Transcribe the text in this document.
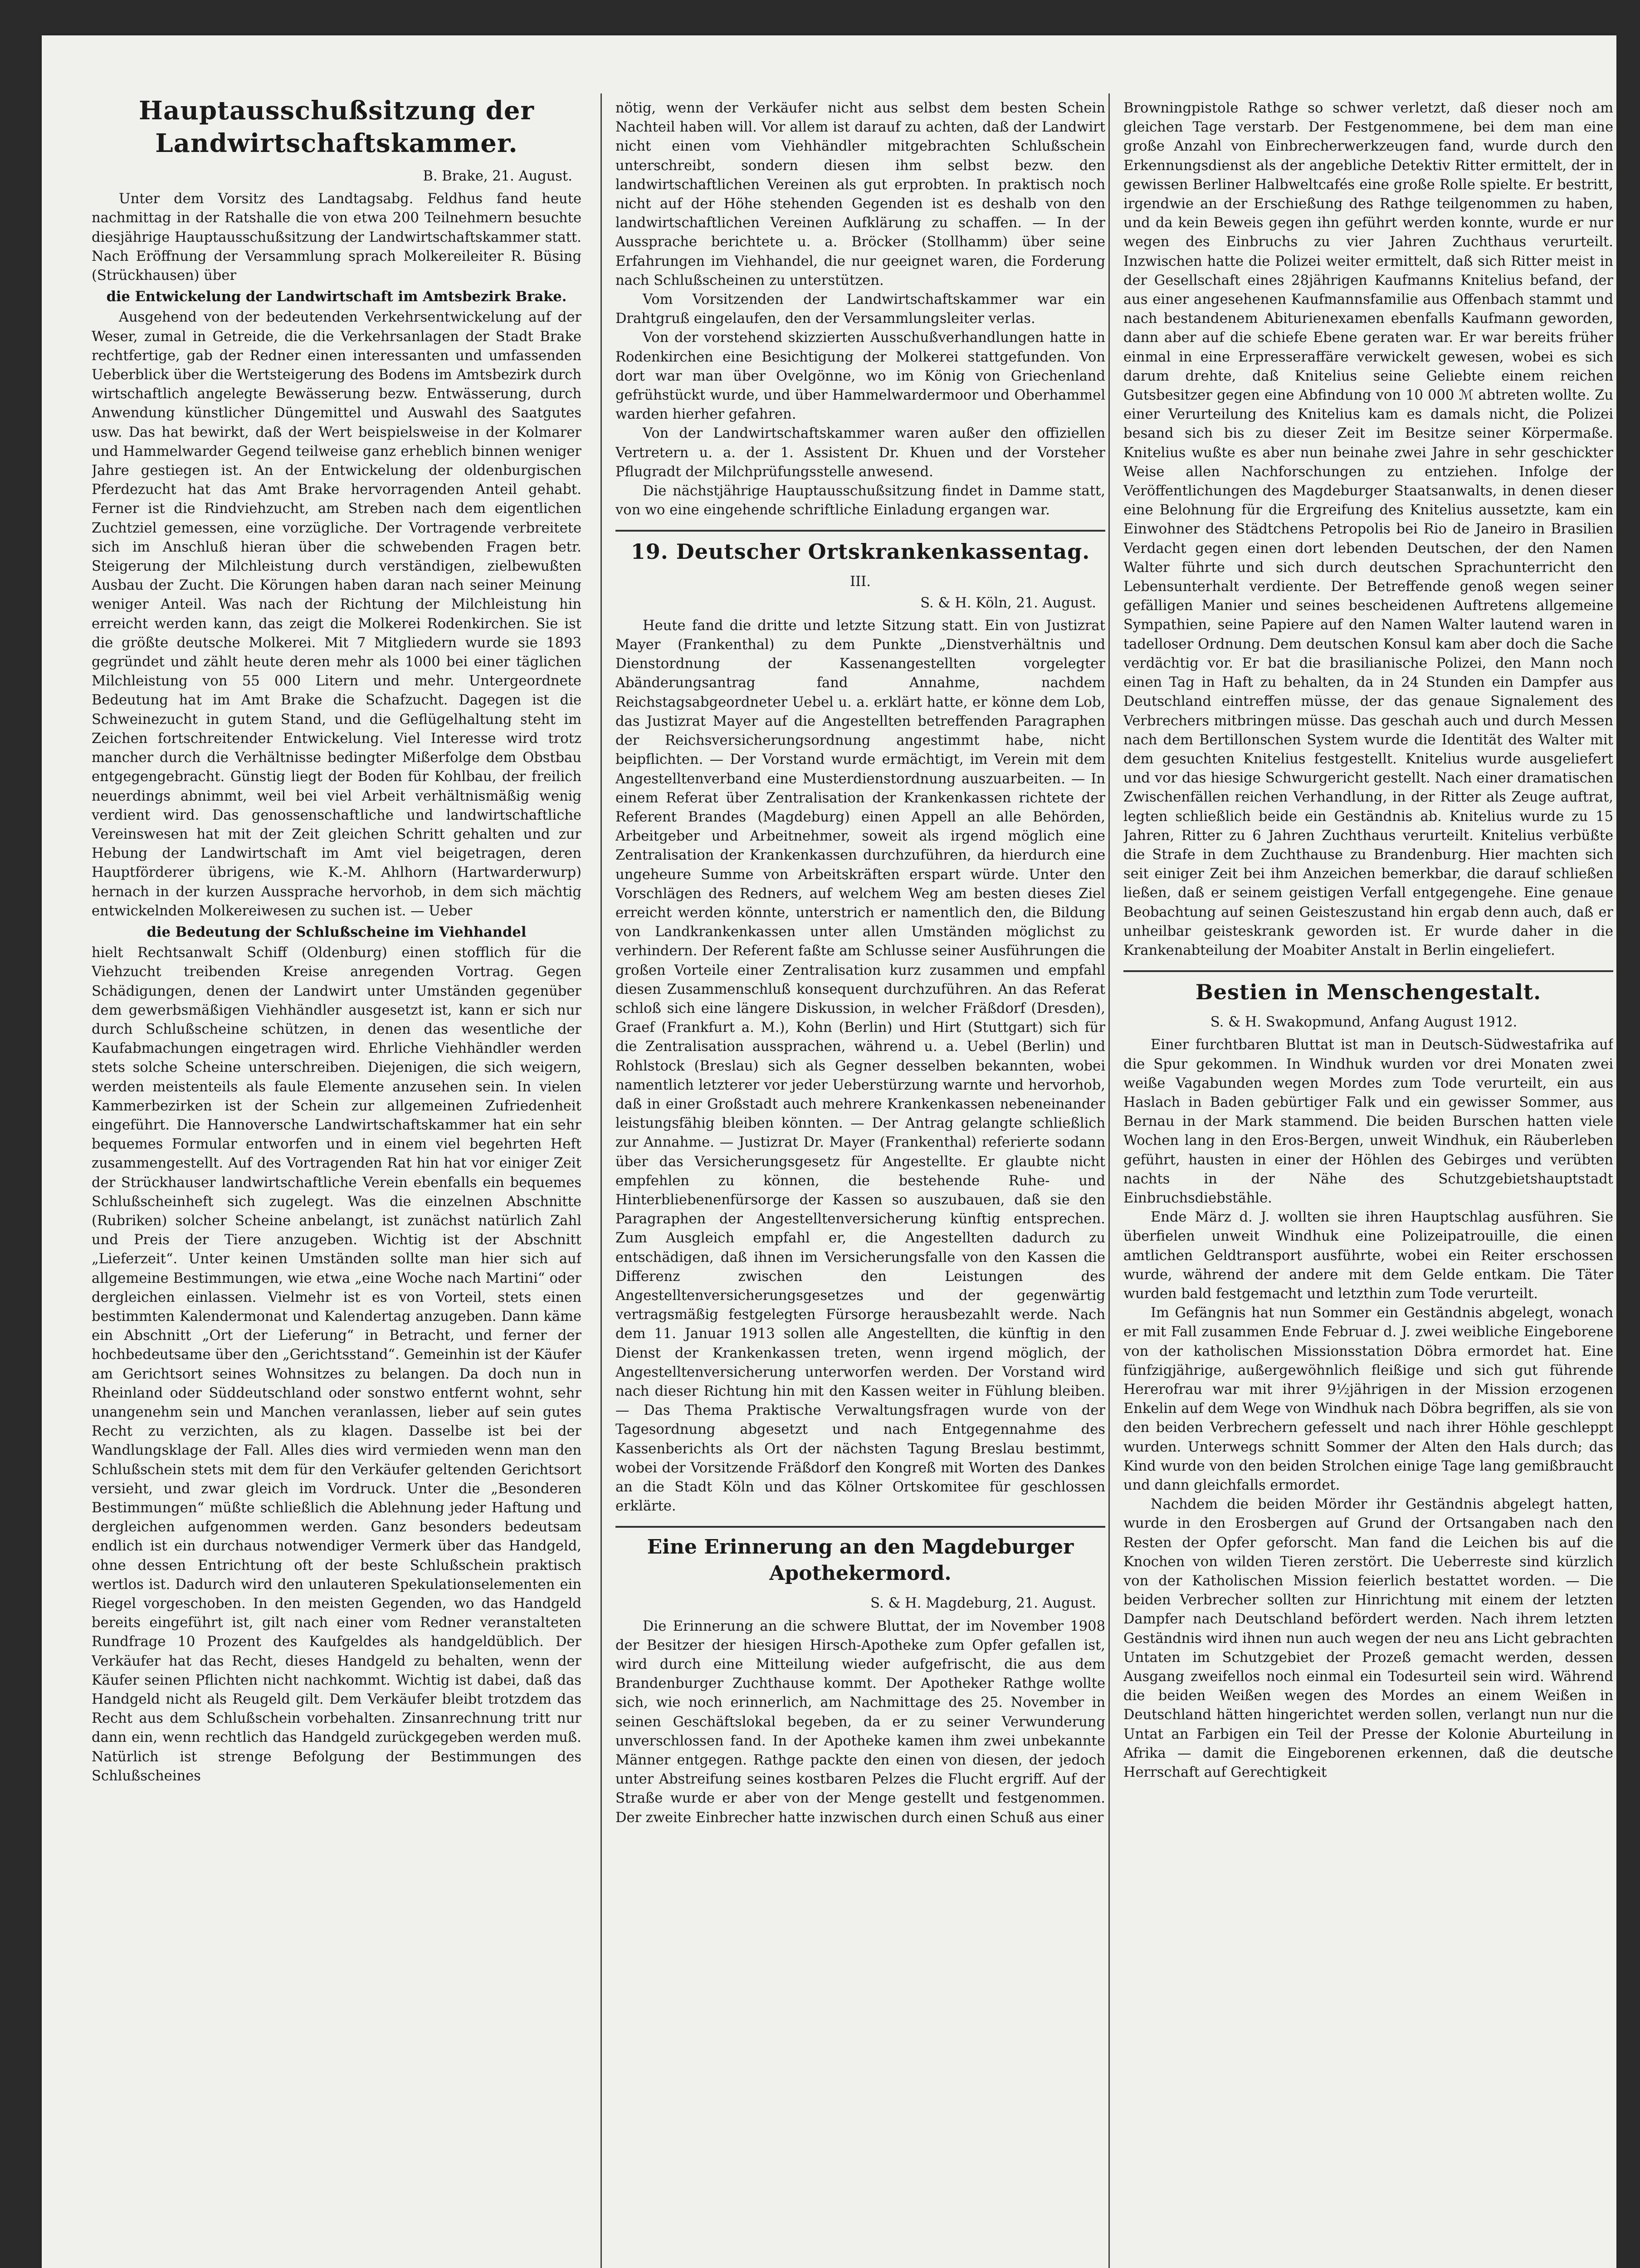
Hauptausschußsitzung der Landwirtschaftskammer.
B. Brake, 21. August.

Unter dem Vorsitz des Landtagsabg. Feldhus fand heute nachmittag in der Ratshalle die von etwa 200 Teilnehmern besuchte diesjährige Hauptausschußsitzung der Landwirtschaftskammer statt. Nach Eröffnung der Versammlung sprach Molkereileiter R. Büsing (Strückhausen) über

die Entwickelung der Landwirtschaft im Amtsbezirk Brake.

Ausgehend von der bedeutenden Verkehrsentwickelung auf der Weser, zumal in Getreide, die die Verkehrsanlagen der Stadt Brake rechtfertige, gab der Redner einen interessanten und umfassenden Ueberblick über die Wertsteigerung des Bodens im Amtsbezirk durch wirtschaftlich angelegte Bewässerung bezw. Entwässerung, durch Anwendung künstlicher Düngemittel und Auswahl des Saatgutes usw. Das hat bewirkt, daß der Wert beispielsweise in der Kolmarer und Hammelwarder Gegend teilweise ganz erheblich binnen weniger Jahre gestiegen ist. An der Entwickelung der oldenburgischen Pferdezucht hat das Amt Brake hervorragenden Anteil gehabt. Ferner ist die Rindviehzucht, am Streben nach dem eigentlichen Zuchtziel gemessen, eine vorzügliche. Der Vortragende verbreitete sich im Anschluß hieran über die schwebenden Fragen betr. Steigerung der Milchleistung durch verständigen, zielbewußten Ausbau der Zucht. Die Körungen haben daran nach seiner Meinung weniger Anteil. Was nach der Richtung der Milchleistung hin erreicht werden kann, das zeigt die Molkerei Rodenkirchen. Sie ist die größte deutsche Molkerei. Mit 7 Mitgliedern wurde sie 1893 gegründet und zählt heute deren mehr als 1000 bei einer täglichen Milchleistung von 55 000 Litern und mehr. Untergeordnete Bedeutung hat im Amt Brake die Schafzucht. Dagegen ist die Schweinezucht in gutem Stand, und die Geflügelhaltung steht im Zeichen fortschreitender Entwickelung. Viel Interesse wird trotz mancher durch die Verhältnisse bedingter Mißerfolge dem Obstbau entgegengebracht. Günstig liegt der Boden für Kohlbau, der freilich neuerdings abnimmt, weil bei viel Arbeit verhältnismäßig wenig verdient wird. Das genossenschaftliche und landwirtschaftliche Vereinswesen hat mit der Zeit gleichen Schritt gehalten und zur Hebung der Landwirtschaft im Amt viel beigetragen, deren Hauptförderer übrigens, wie K.-M. Ahlhorn (Hartwarderwurp) hernach in der kurzen Aussprache hervorhob, in dem sich mächtig entwickelnden Molkereiwesen zu suchen ist. — Ueber

die Bedeutung der Schlußscheine im Viehhandel

hielt Rechtsanwalt Schiff (Oldenburg) einen stofflich für die Viehzucht treibenden Kreise anregenden Vortrag. Gegen Schädigungen, denen der Landwirt unter Umständen gegenüber dem gewerbsmäßigen Viehhändler ausgesetzt ist, kann er sich nur durch Schlußscheine schützen, in denen das wesentliche der Kaufabmachungen eingetragen wird. Ehrliche Viehhändler werden stets solche Scheine unterschreiben. Diejenigen, die sich weigern, werden meistenteils als faule Elemente anzusehen sein. In vielen Kammerbezirken ist der Schein zur allgemeinen Zufriedenheit eingeführt. Die Hannoversche Landwirtschaftskammer hat ein sehr bequemes Formular entworfen und in einem viel begehrten Heft zusammengestellt. Auf des Vortragenden Rat hin hat vor einiger Zeit der Strückhauser landwirtschaftliche Verein ebenfalls ein bequemes Schlußscheinheft sich zugelegt. Was die einzelnen Abschnitte (Rubriken) solcher Scheine anbelangt, ist zunächst natürlich Zahl und Preis der Tiere anzugeben. Wichtig ist der Abschnitt „Lieferzeit“. Unter keinen Umständen sollte man hier sich auf allgemeine Bestimmungen, wie etwa „eine Woche nach Martini“ oder dergleichen einlassen. Vielmehr ist es von Vorteil, stets einen bestimmten Kalendermonat und Kalendertag anzugeben. Dann käme ein Abschnitt „Ort der Lieferung“ in Betracht, und ferner der hochbedeutsame über den „Gerichtsstand“. Gemeinhin ist der Käufer am Gerichtsort seines Wohnsitzes zu belangen. Da doch nun in Rheinland oder Süddeutschland oder sonstwo entfernt wohnt, sehr unangenehm sein und Manchen veranlassen, lieber auf sein gutes Recht zu verzichten, als zu klagen. Dasselbe ist bei der Wandlungsklage der Fall. Alles dies wird vermieden wenn man den Schlußschein stets mit dem für den Verkäufer geltenden Gerichtsort versieht, und zwar gleich im Vordruck. Unter die „Besonderen Bestimmungen“ müßte schließlich die Ablehnung jeder Haftung und dergleichen aufgenommen werden. Ganz besonders bedeutsam endlich ist ein durchaus notwendiger Vermerk über das Handgeld, ohne dessen Entrichtung oft der beste Schlußschein praktisch wertlos ist. Dadurch wird den unlauteren Spekulationselementen ein Riegel vorgeschoben. In den meisten Gegenden, wo das Handgeld bereits eingeführt ist, gilt nach einer vom Redner veranstalteten Rundfrage 10 Prozent des Kaufgeldes als handgeldüblich. Der Verkäufer hat das Recht, dieses Handgeld zu behalten, wenn der Käufer seinen Pflichten nicht nachkommt. Wichtig ist dabei, daß das Handgeld nicht als Reugeld gilt. Dem Verkäufer bleibt trotzdem das Recht aus dem Schlußschein vorbehalten. Zinsanrechnung tritt nur dann ein, wenn rechtlich das Handgeld zurückgegeben werden muß. Natürlich ist strenge Befolgung der Bestimmungen des Schlußscheines

nötig, wenn der Verkäufer nicht aus selbst dem besten Schein Nachteil haben will. Vor allem ist darauf zu achten, daß der Landwirt nicht einen vom Viehhändler mitgebrachten Schlußschein unterschreibt, sondern diesen ihm selbst bezw. den landwirtschaftlichen Vereinen als gut erprobten. In praktisch noch nicht auf der Höhe stehenden Gegenden ist es deshalb von den landwirtschaftlichen Vereinen Aufklärung zu schaffen. — In der Aussprache berichtete u. a. Bröcker (Stollhamm) über seine Erfahrungen im Viehhandel, die nur geeignet waren, die Forderung nach Schlußscheinen zu unterstützen.

Vom Vorsitzenden der Landwirtschaftskammer war ein Drahtgruß eingelaufen, den der Versammlungsleiter verlas.

Von der vorstehend skizzierten Ausschußverhandlungen hatte in Rodenkirchen eine Besichtigung der Molkerei stattgefunden. Von dort war man über Ovelgönne, wo im König von Griechenland gefrühstückt wurde, und über Hammelwardermoor und Oberhammel warden hierher gefahren.

Von der Landwirtschaftskammer waren außer den offiziellen Vertretern u. a. der 1. Assistent Dr. Khuen und der Vorsteher Pflugradt der Milchprüfungsstelle anwesend.

Die nächstjährige Hauptausschußsitzung findet in Damme statt, von wo eine eingehende schriftliche Einladung ergangen war.

19. Deutscher Ortskrankenkassentag.
III.
S. & H. Köln, 21. August.

Heute fand die dritte und letzte Sitzung statt. Ein von Justizrat Mayer (Frankenthal) zu dem Punkte „Dienstverhältnis und Dienstordnung der Kassenangestellten vorgelegter Abänderungsantrag fand Annahme, nachdem Reichstagsabgeordneter Uebel u. a. erklärt hatte, er könne dem Lob, das Justizrat Mayer auf die Angestellten betreffenden Paragraphen der Reichsversicherungsordnung angestimmt habe, nicht beipflichten. — Der Vorstand wurde ermächtigt, im Verein mit dem Angestelltenverband eine Musterdienstordnung auszuarbeiten. — In einem Referat über Zentralisation der Krankenkassen richtete der Referent Brandes (Magdeburg) einen Appell an alle Behörden, Arbeitgeber und Arbeitnehmer, soweit als irgend möglich eine Zentralisation der Krankenkassen durchzuführen, da hierdurch eine ungeheure Summe von Arbeitskräften erspart würde. Unter den Vorschlägen des Redners, auf welchem Weg am besten dieses Ziel erreicht werden könnte, unterstrich er namentlich den, die Bildung von Landkrankenkassen unter allen Umständen möglichst zu verhindern. Der Referent faßte am Schlusse seiner Ausführungen die großen Vorteile einer Zentralisation kurz zusammen und empfahl diesen Zusammenschluß konsequent durchzuführen. An das Referat schloß sich eine längere Diskussion, in welcher Fräßdorf (Dresden), Graef (Frankfurt a. M.), Kohn (Berlin) und Hirt (Stuttgart) sich für die Zentralisation aussprachen, während u. a. Uebel (Berlin) und Rohlstock (Breslau) sich als Gegner desselben bekannten, wobei namentlich letzterer vor jeder Ueberstürzung warnte und hervorhob, daß in einer Großstadt auch mehrere Krankenkassen nebeneinander leistungsfähig bleiben könnten. — Der Antrag gelangte schließlich zur Annahme. — Justizrat Dr. Mayer (Frankenthal) referierte sodann über das Versicherungsgesetz für Angestellte. Er glaubte nicht empfehlen zu können, die bestehende Ruhe- und Hinterbliebenenfürsorge der Kassen so auszubauen, daß sie den Paragraphen der Angestelltenversicherung künftig entsprechen. Zum Ausgleich empfahl er, die Angestellten dadurch zu entschädigen, daß ihnen im Versicherungsfalle von den Kassen die Differenz zwischen den Leistungen des Angestelltenversicherungsgesetzes und der gegenwärtig vertragsmäßig festgelegten Fürsorge herausbezahlt werde. Nach dem 11. Januar 1913 sollen alle Angestellten, die künftig in den Dienst der Krankenkassen treten, wenn irgend möglich, der Angestelltenversicherung unterworfen werden. Der Vorstand wird nach dieser Richtung hin mit den Kassen weiter in Fühlung bleiben. — Das Thema Praktische Verwaltungsfragen wurde von der Tagesordnung abgesetzt und nach Entgegennahme des Kassenberichts als Ort der nächsten Tagung Breslau bestimmt, wobei der Vorsitzende Fräßdorf den Kongreß mit Worten des Dankes an die Stadt Köln und das Kölner Ortskomitee für geschlossen erklärte.

Eine Erinnerung an den Magdeburger Apothekermord.
S. & H. Magdeburg, 21. August.

Die Erinnerung an die schwere Bluttat, der im November 1908 der Besitzer der hiesigen Hirsch-Apotheke zum Opfer gefallen ist, wird durch eine Mitteilung wieder aufgefrischt, die aus dem Brandenburger Zuchthause kommt. Der Apotheker Rathge wollte sich, wie noch erinnerlich, am Nachmittage des 25. November in seinen Geschäftslokal begeben, da er zu seiner Verwunderung unverschlossen fand. In der Apotheke kamen ihm zwei unbekannte Männer entgegen. Rathge packte den einen von diesen, der jedoch unter Abstreifung seines kostbaren Pelzes die Flucht ergriff. Auf der Straße wurde er aber von der Menge gestellt und festgenommen. Der zweite Einbrecher hatte inzwischen durch einen Schuß aus einer

Browningpistole Rathge so schwer verletzt, daß dieser noch am gleichen Tage verstarb. Der Festgenommene, bei dem man eine große Anzahl von Einbrecherwerkzeugen fand, wurde durch den Erkennungsdienst als der angebliche Detektiv Ritter ermittelt, der in gewissen Berliner Halbweltcafés eine große Rolle spielte. Er bestritt, irgendwie an der Erschießung des Rathge teilgenommen zu haben, und da kein Beweis gegen ihn geführt werden konnte, wurde er nur wegen des Einbruchs zu vier Jahren Zuchthaus verurteilt. Inzwischen hatte die Polizei weiter ermittelt, daß sich Ritter meist in der Gesellschaft eines 28jährigen Kaufmanns Knitelius befand, der aus einer angesehenen Kaufmannsfamilie aus Offenbach stammt und nach bestandenem Abiturienexamen ebenfalls Kaufmann geworden, dann aber auf die schiefe Ebene geraten war. Er war bereits früher einmal in eine Erpresseraffäre verwickelt gewesen, wobei es sich darum drehte, daß Knitelius seine Geliebte einem reichen Gutsbesitzer gegen eine Abfindung von 10 000 ℳ abtreten wollte. Zu einer Verurteilung des Knitelius kam es damals nicht, die Polizei besand sich bis zu dieser Zeit im Besitze seiner Körpermaße. Knitelius wußte es aber nun beinahe zwei Jahre in sehr geschickter Weise allen Nachforschungen zu entziehen. Infolge der Veröffentlichungen des Magdeburger Staatsanwalts, in denen dieser eine Belohnung für die Ergreifung des Knitelius aussetzte, kam ein Einwohner des Städtchens Petropolis bei Rio de Janeiro in Brasilien Verdacht gegen einen dort lebenden Deutschen, der den Namen Walter führte und sich durch deutschen Sprachunterricht den Lebensunterhalt verdiente. Der Betreffende genoß wegen seiner gefälligen Manier und seines bescheidenen Auftretens allgemeine Sympathien, seine Papiere auf den Namen Walter lautend waren in tadelloser Ordnung. Dem deutschen Konsul kam aber doch die Sache verdächtig vor. Er bat die brasilianische Polizei, den Mann noch einen Tag in Haft zu behalten, da in 24 Stunden ein Dampfer aus Deutschland eintreffen müsse, der das genaue Signalement des Verbrechers mitbringen müsse. Das geschah auch und durch Messen nach dem Bertillonschen System wurde die Identität des Walter mit dem gesuchten Knitelius festgestellt. Knitelius wurde ausgeliefert und vor das hiesige Schwurgericht gestellt. Nach einer dramatischen Zwischenfällen reichen Verhandlung, in der Ritter als Zeuge auftrat, legten schließlich beide ein Geständnis ab. Knitelius wurde zu 15 Jahren, Ritter zu 6 Jahren Zuchthaus verurteilt. Knitelius verbüßte die Strafe in dem Zuchthause zu Brandenburg. Hier machten sich seit einiger Zeit bei ihm Anzeichen bemerkbar, die darauf schließen ließen, daß er seinem geistigen Verfall entgegengehe. Eine genaue Beobachtung auf seinen Geisteszustand hin ergab denn auch, daß er unheilbar geisteskrank geworden ist. Er wurde daher in die Krankenabteilung der Moabiter Anstalt in Berlin eingeliefert.

Bestien in Menschengestalt.
S. & H. Swakopmund, Anfang August 1912.

Einer furchtbaren Bluttat ist man in Deutsch-Südwestafrika auf die Spur gekommen. In Windhuk wurden vor drei Monaten zwei weiße Vagabunden wegen Mordes zum Tode verurteilt, ein aus Haslach in Baden gebürtiger Falk und ein gewisser Sommer, aus Bernau in der Mark stammend. Die beiden Burschen hatten viele Wochen lang in den Eros-Bergen, unweit Windhuk, ein Räuberleben geführt, hausten in einer der Höhlen des Gebirges und verübten nachts in der Nähe des Schutzgebietshauptstadt Einbruchsdiebstähle.

Ende März d. J. wollten sie ihren Hauptschlag ausführen. Sie überfielen unweit Windhuk eine Polizeipatrouille, die einen amtlichen Geldtransport ausführte, wobei ein Reiter erschossen wurde, während der andere mit dem Gelde entkam. Die Täter wurden bald festgemacht und letzthin zum Tode verurteilt.

Im Gefängnis hat nun Sommer ein Geständnis abgelegt, wonach er mit Fall zusammen Ende Februar d. J. zwei weibliche Eingeborene von der katholischen Missionsstation Döbra ermordet hat. Eine fünfzigjährige, außergewöhnlich fleißige und sich gut führende Hererofrau war mit ihrer 9½jährigen in der Mission erzogenen Enkelin auf dem Wege von Windhuk nach Döbra begriffen, als sie von den beiden Verbrechern gefesselt und nach ihrer Höhle geschleppt wurden. Unterwegs schnitt Sommer der Alten den Hals durch; das Kind wurde von den beiden Strolchen einige Tage lang gemißbraucht und dann gleichfalls ermordet.

Nachdem die beiden Mörder ihr Geständnis abgelegt hatten, wurde in den Erosbergen auf Grund der Ortsangaben nach den Resten der Opfer geforscht. Man fand die Leichen bis auf die Knochen von wilden Tieren zerstört. Die Ueberreste sind kürzlich von der Katholischen Mission feierlich bestattet worden. — Die beiden Verbrecher sollten zur Hinrichtung mit einem der letzten Dampfer nach Deutschland befördert werden. Nach ihrem letzten Geständnis wird ihnen nun auch wegen der neu ans Licht gebrachten Untaten im Schutzgebiet der Prozeß gemacht werden, dessen Ausgang zweifellos noch einmal ein Todesurteil sein wird. Während die beiden Weißen wegen des Mordes an einem Weißen in Deutschland hätten hingerichtet werden sollen, verlangt nun nur die Untat an Farbigen ein Teil der Presse der Kolonie Aburteilung in Afrika — damit die Eingeborenen erkennen, daß die deutsche Herrschaft auf Gerechtigkeit
